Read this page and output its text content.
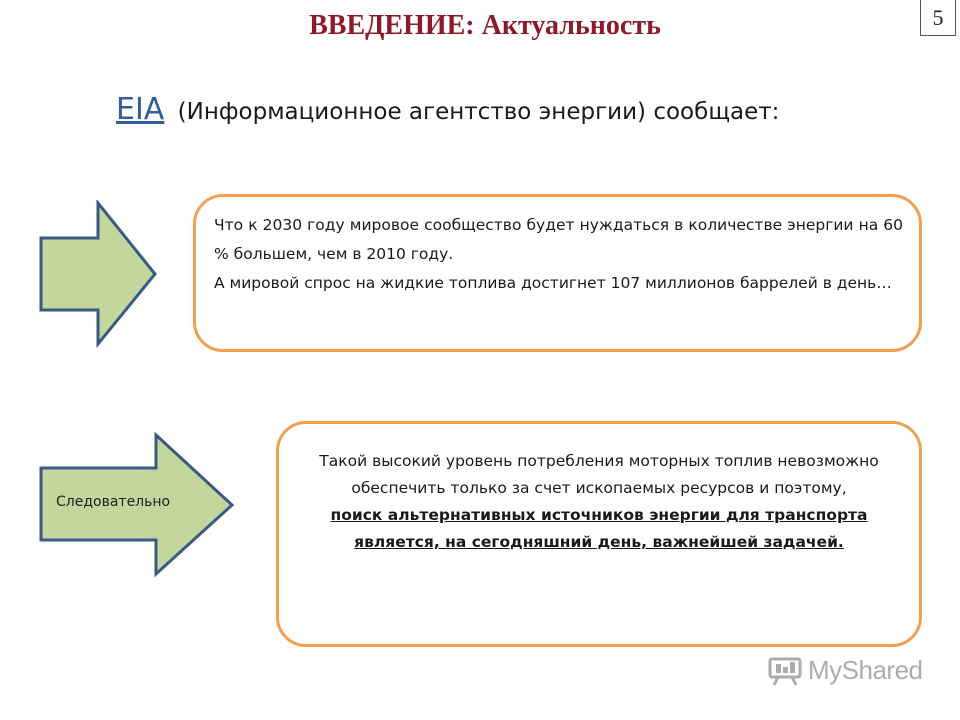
ВВЕДЕНИЕ: Актуальность	5
EIA (Информационное агентство энергии) сообщает:

Что к 2030 году мировое сообщество будет нуждаться в количестве энергии на 60 % большем, чем в 2010 году.

А мировой спрос на жидкие топлива достигнет 107 миллионов баррелей в день…

Следовательно

Такой высокий уровень потребления моторных топлив невозможно обеспечить только за счет ископаемых ресурсов и поэтому,

поиск альтернативных источников энергии для транспорта является, на сегодняшний день, важнейшей задачей.

MyShared
